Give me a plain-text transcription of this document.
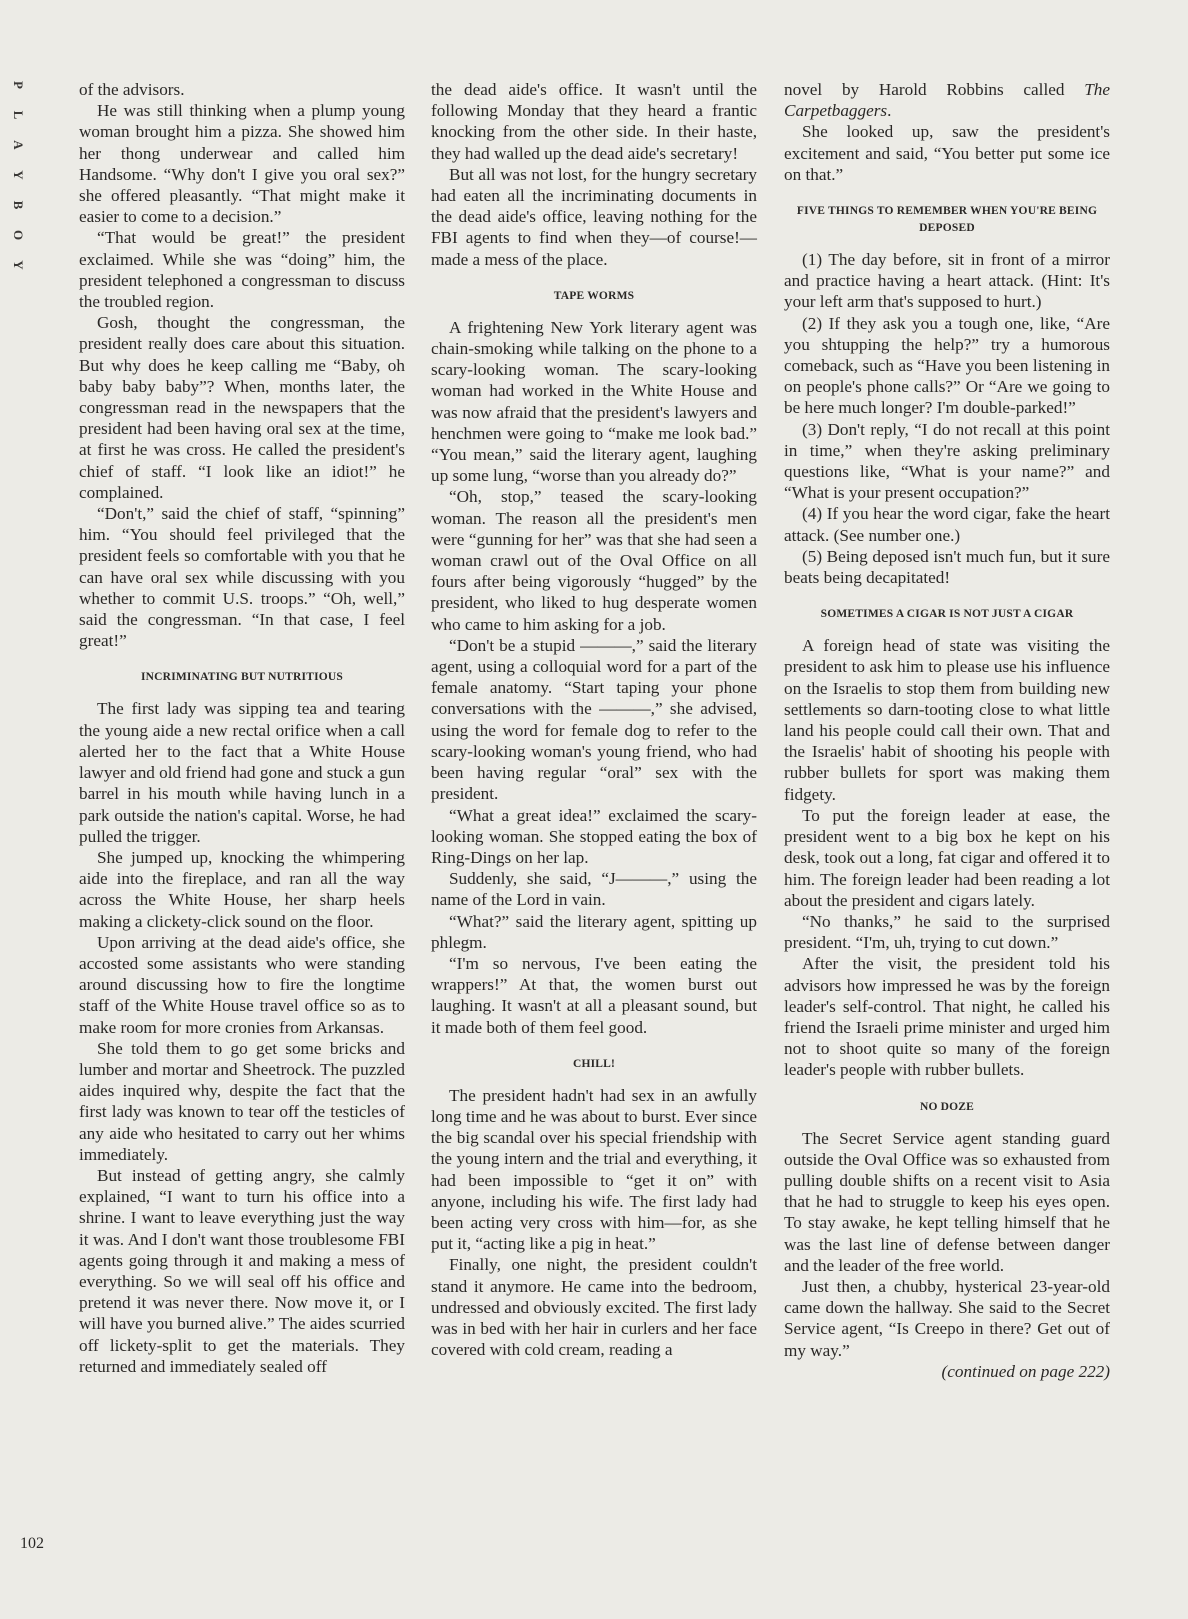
P
L
A
Y
B
O
Y
102

of the advisors.

He was still thinking when a plump young woman brought him a pizza. She showed him her thong underwear and called him Handsome. “Why don't I give you oral sex?” she offered pleasantly. “That might make it easier to come to a decision.”

“That would be great!” the president exclaimed. While she was “doing” him, the president telephoned a congressman to discuss the troubled region.

Gosh, thought the congressman, the president really does care about this situation. But why does he keep calling me “Baby, oh baby baby baby”? When, months later, the congressman read in the newspapers that the president had been having oral sex at the time, at first he was cross. He called the president's chief of staff. “I look like an idiot!” he complained.

“Don't,” said the chief of staff, “spinning” him. “You should feel privileged that the president feels so comfortable with you that he can have oral sex while discussing with you whether to commit U.S. troops.” “Oh, well,” said the congressman. “In that case, I feel great!”

INCRIMINATING BUT NUTRITIOUS

The first lady was sipping tea and tearing the young aide a new rectal orifice when a call alerted her to the fact that a White House lawyer and old friend had gone and stuck a gun barrel in his mouth while having lunch in a park outside the nation's capital. Worse, he had pulled the trigger.

She jumped up, knocking the whimpering aide into the fireplace, and ran all the way across the White House, her sharp heels making a clickety-click sound on the floor.

Upon arriving at the dead aide's office, she accosted some assistants who were standing around discussing how to fire the longtime staff of the White House travel office so as to make room for more cronies from Arkansas.

She told them to go get some bricks and lumber and mortar and Sheetrock. The puzzled aides inquired why, despite the fact that the first lady was known to tear off the testicles of any aide who hesitated to carry out her whims immediately.

But instead of getting angry, she calmly explained, “I want to turn his office into a shrine. I want to leave everything just the way it was. And I don't want those troublesome FBI agents going through it and making a mess of everything. So we will seal off his office and pretend it was never there. Now move it, or I will have you burned alive.” The aides scurried off lickety-split to get the materials. They returned and immediately sealed off

the dead aide's office. It wasn't until the following Monday that they heard a frantic knocking from the other side. In their haste, they had walled up the dead aide's secretary!

But all was not lost, for the hungry secretary had eaten all the incriminating documents in the dead aide's office, leaving nothing for the FBI agents to find when they—of course!—made a mess of the place.

TAPE WORMS

A frightening New York literary agent was chain-smoking while talking on the phone to a scary-looking woman. The scary-looking woman had worked in the White House and was now afraid that the president's lawyers and henchmen were going to “make me look bad.” “You mean,” said the literary agent, laughing up some lung, “worse than you already do?”

“Oh, stop,” teased the scary-looking woman. The reason all the president's men were “gunning for her” was that she had seen a woman crawl out of the Oval Office on all fours after being vigorously “hugged” by the president, who liked to hug desperate women who came to him asking for a job.

“Don't be a stupid ———,” said the literary agent, using a colloquial word for a part of the female anatomy. “Start taping your phone conversations with the ———,” she advised, using the word for female dog to refer to the scary-looking woman's young friend, who had been having regular “oral” sex with the president.

“What a great idea!” exclaimed the scary-looking woman. She stopped eating the box of Ring-Dings on her lap.

Suddenly, she said, “J———,” using the name of the Lord in vain.

“What?” said the literary agent, spitting up phlegm.

“I'm so nervous, I've been eating the wrappers!” At that, the women burst out laughing. It wasn't at all a pleasant sound, but it made both of them feel good.

CHILL!

The president hadn't had sex in an awfully long time and he was about to burst. Ever since the big scandal over his special friendship with the young intern and the trial and everything, it had been impossible to “get it on” with anyone, including his wife. The first lady had been acting very cross with him—for, as she put it, “acting like a pig in heat.”

Finally, one night, the president couldn't stand it anymore. He came into the bedroom, undressed and obviously excited. The first lady was in bed with her hair in curlers and her face covered with cold cream, reading a

novel by Harold Robbins called The Carpetbaggers.

She looked up, saw the president's excitement and said, “You better put some ice on that.”

FIVE THINGS TO REMEMBER WHEN YOU'RE BEING DEPOSED

(1) The day before, sit in front of a mirror and practice having a heart attack. (Hint: It's your left arm that's supposed to hurt.)

(2) If they ask you a tough one, like, “Are you shtupping the help?” try a humorous comeback, such as “Have you been listening in on people's phone calls?” Or “Are we going to be here much longer? I'm double-parked!”

(3) Don't reply, “I do not recall at this point in time,” when they're asking preliminary questions like, “What is your name?” and “What is your present occupation?”

(4) If you hear the word cigar, fake the heart attack. (See number one.)

(5) Being deposed isn't much fun, but it sure beats being decapitated!

SOMETIMES A CIGAR IS NOT JUST A CIGAR

A foreign head of state was visiting the president to ask him to please use his influence on the Israelis to stop them from building new settlements so darn-tooting close to what little land his people could call their own. That and the Israelis' habit of shooting his people with rubber bullets for sport was making them fidgety.

To put the foreign leader at ease, the president went to a big box he kept on his desk, took out a long, fat cigar and offered it to him. The foreign leader had been reading a lot about the president and cigars lately.

“No thanks,” he said to the surprised president. “I'm, uh, trying to cut down.”

After the visit, the president told his advisors how impressed he was by the foreign leader's self-control. That night, he called his friend the Israeli prime minister and urged him not to shoot quite so many of the foreign leader's people with rubber bullets.

NO DOZE

The Secret Service agent standing guard outside the Oval Office was so exhausted from pulling double shifts on a recent visit to Asia that he had to struggle to keep his eyes open. To stay awake, he kept telling himself that he was the last line of defense between danger and the leader of the free world.

Just then, a chubby, hysterical 23-year-old came down the hallway. She said to the Secret Service agent, “Is Creepo in there? Get out of my way.”

(continued on page 222)
